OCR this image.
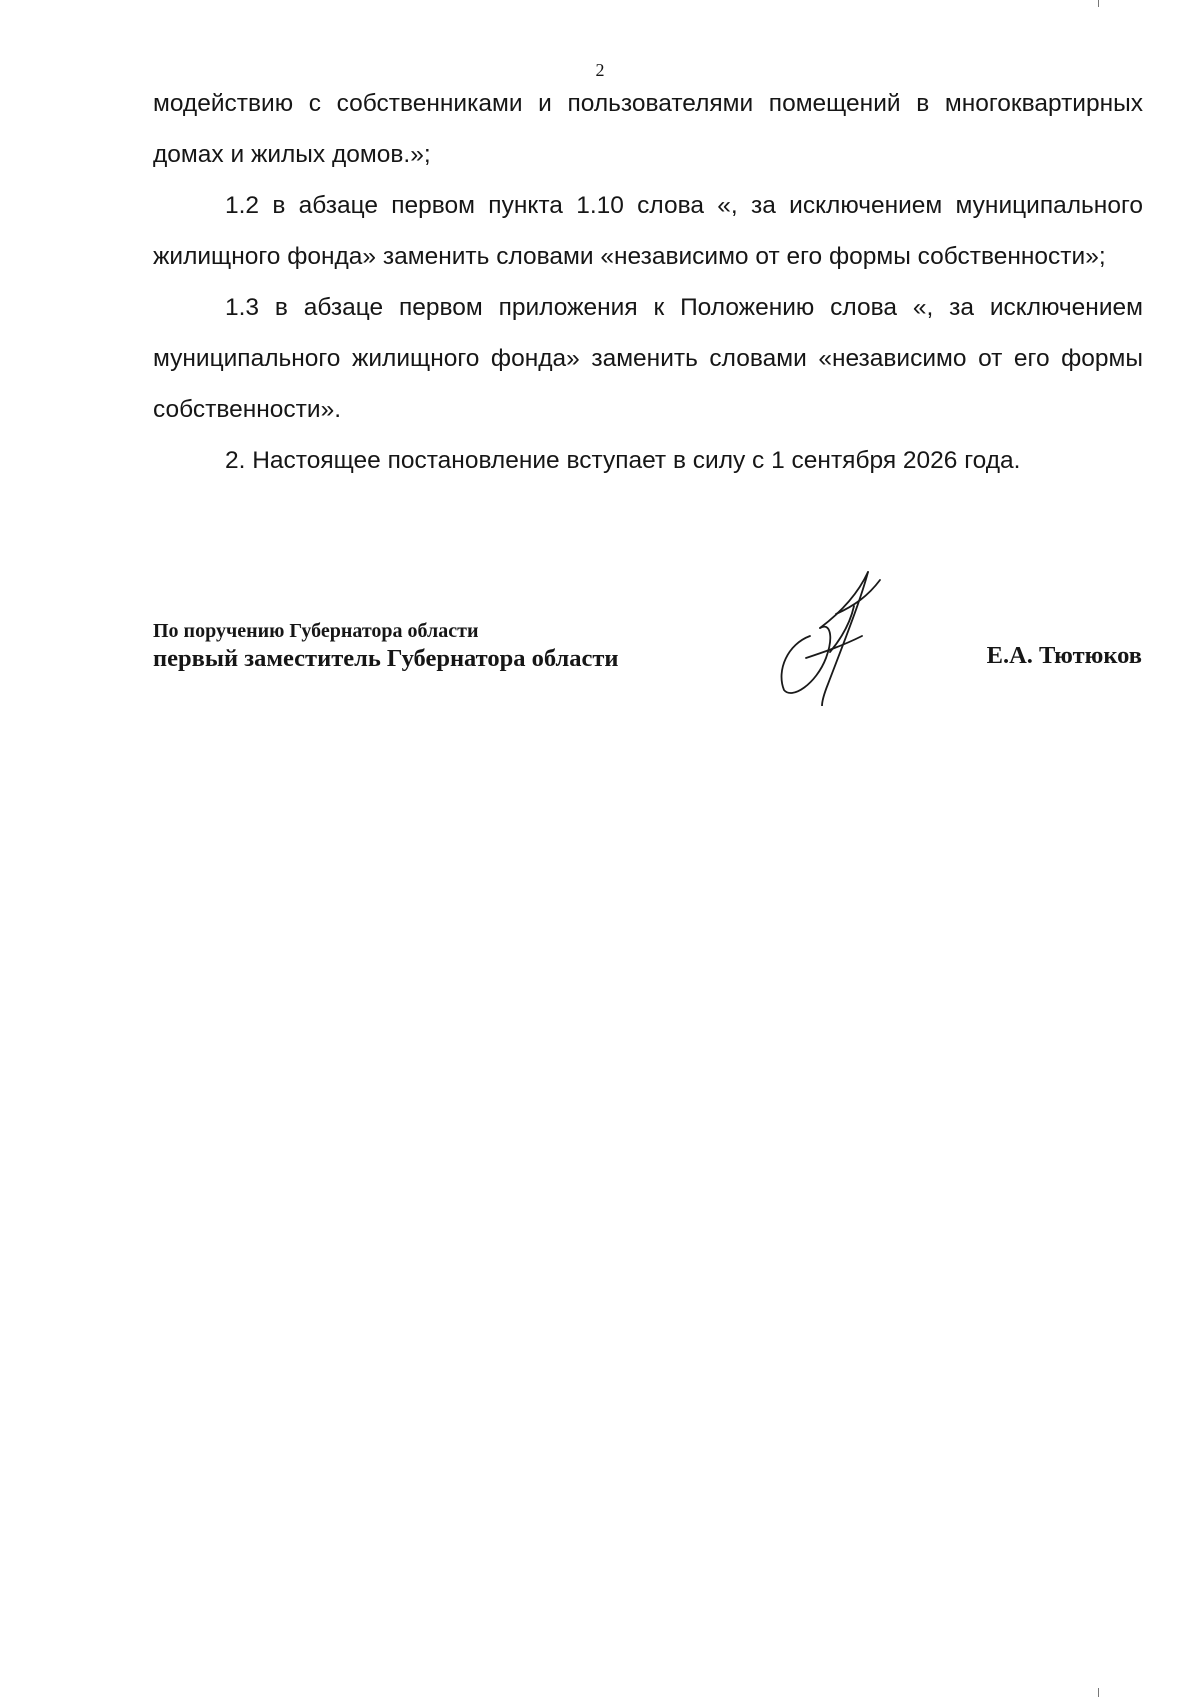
2

модействию с собственниками и пользователями помещений в многоквартирных домах и жилых домов.»;

1.2 в абзаце первом пункта 1.10 слова «, за исключением муниципального жилищного фонда» заменить словами «независимо от его формы собственности»;

1.3 в абзаце первом приложения к Положению слова «, за исключением муниципального жилищного фонда» заменить словами «независимо от его формы собственности».

2. Настоящее постановление вступает в силу с 1 сентября 2026 года.

По поручению Губернатора области
первый заместитель Губернатора области	Е.А. Тютюков
